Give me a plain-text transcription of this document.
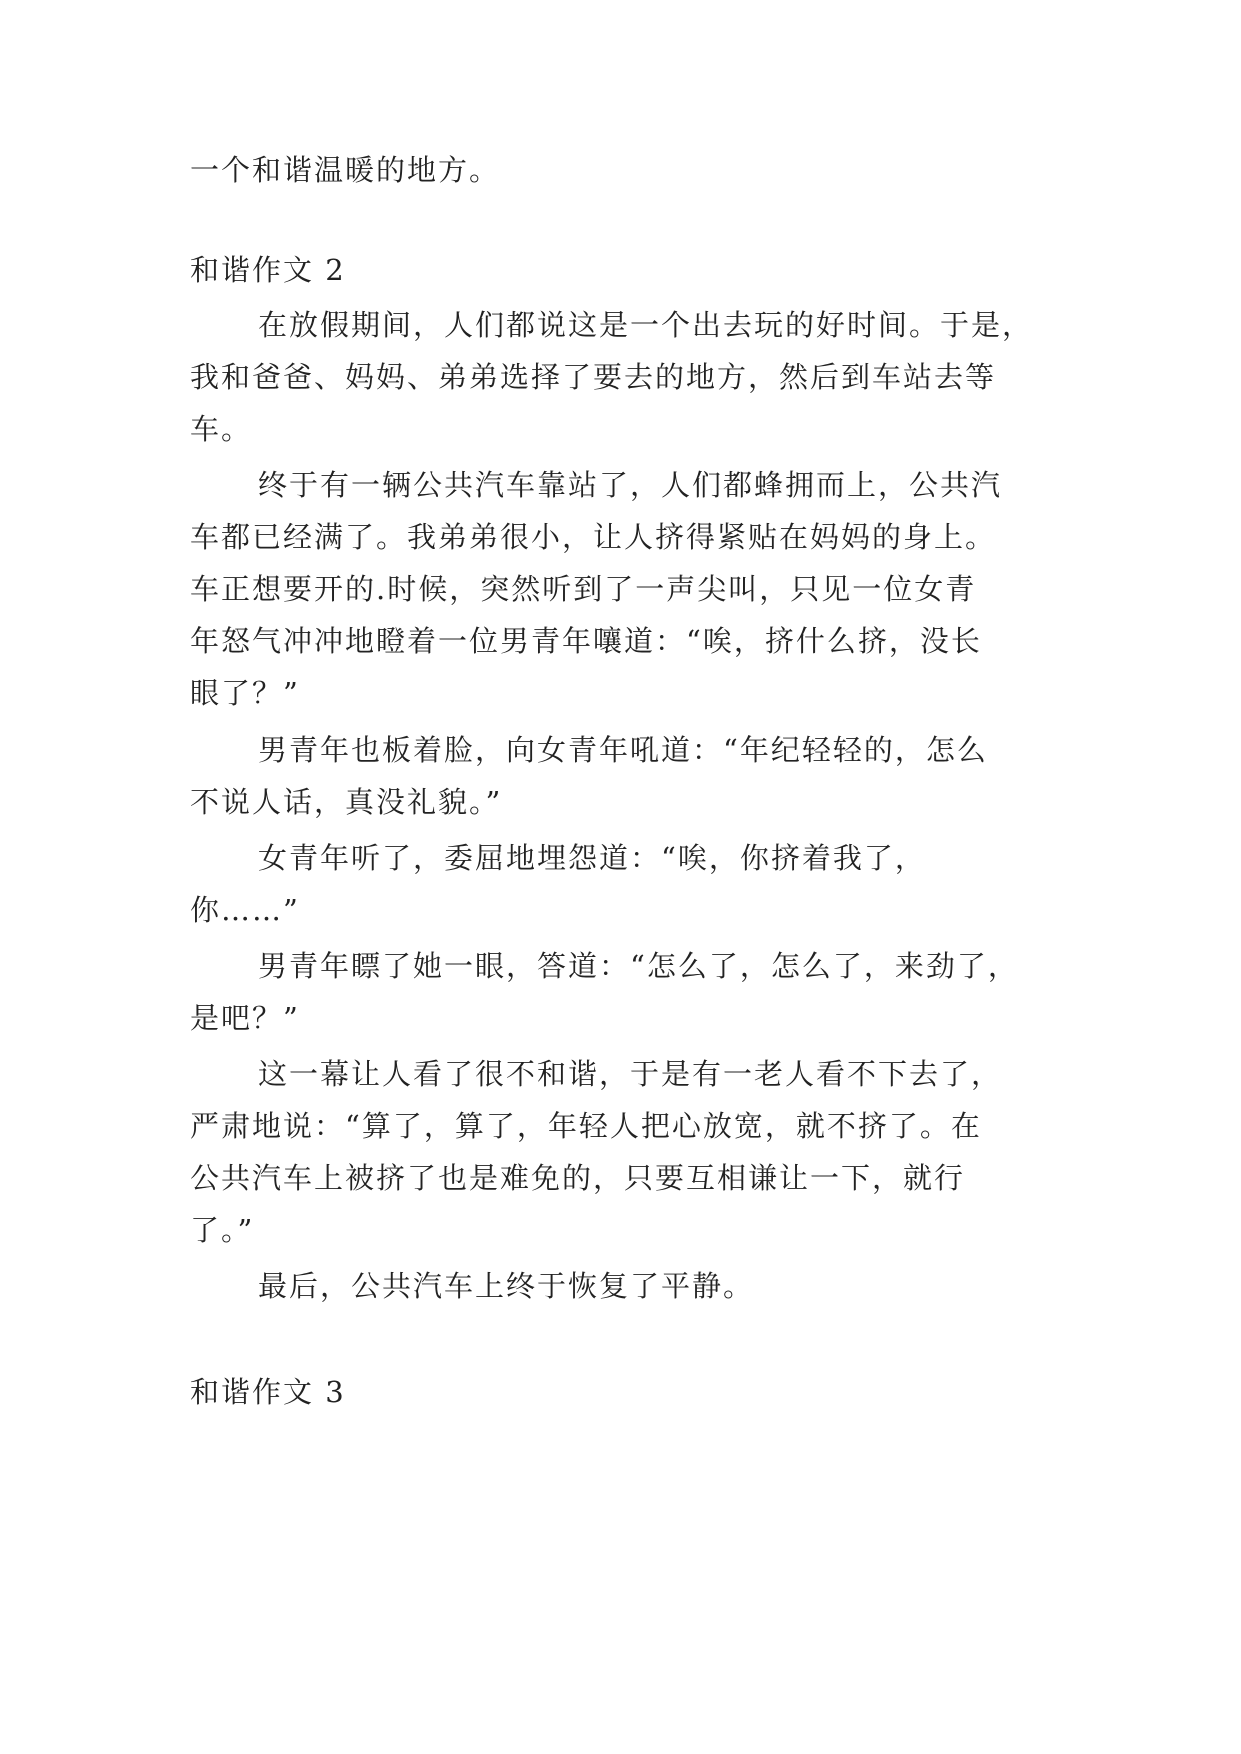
一个和谐温暖的地方。
和谐作文 2
在放假期间，人们都说这是一个出去玩的好时间。于是，
我和爸爸、妈妈、弟弟选择了要去的地方，然后到车站去等
车。
终于有一辆公共汽车靠站了，人们都蜂拥而上，公共汽
车都已经满了。我弟弟很小，让人挤得紧贴在妈妈的身上。
车正想要开的.时候，突然听到了一声尖叫，只见一位女青
年怒气冲冲地瞪着一位男青年嚷道：“唉，挤什么挤，没长
眼了？”
男青年也板着脸，向女青年吼道：“年纪轻轻的，怎么
不说人话，真没礼貌。”
女青年听了，委屈地埋怨道：“唉，你挤着我了，
你……”
男青年瞟了她一眼，答道：“怎么了，怎么了，来劲了，
是吧？”
这一幕让人看了很不和谐，于是有一老人看不下去了，
严肃地说：“算了，算了，年轻人把心放宽，就不挤了。在
公共汽车上被挤了也是难免的，只要互相谦让一下，就行
了。”
最后，公共汽车上终于恢复了平静。
和谐作文 3
